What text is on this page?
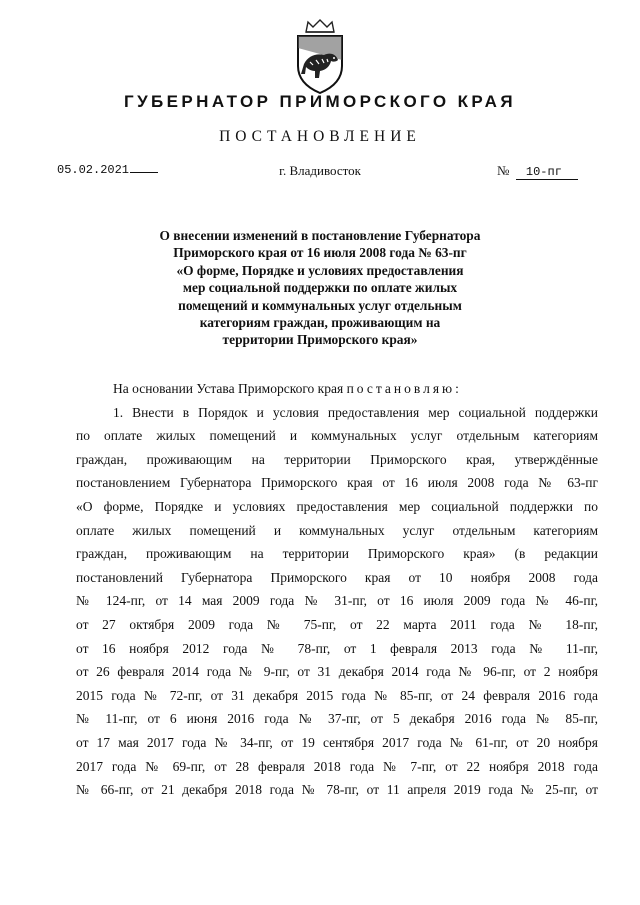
ГУБЕРНАТОР ПРИМОРСКОГО КРАЯ
ПОСТАНОВЛЕНИЕ
05.02.2021	г. Владивосток	№ 10-пг
О внесении изменений в постановление Губернатора
Приморского края от 16 июля 2008 года № 63-пг
«О форме, Порядке и условиях предоставления
мер социальной поддержки по оплате жилых
помещений и коммунальных услуг отдельным
категориям граждан, проживающим на
территории Приморского края»

На основании Устава Приморского края постановляю:

1. Внести в Порядок и условия предоставления мер социальной поддержки
по оплате жилых помещений и коммунальных услуг отдельным категориям
граждан, проживающим на территории Приморского края, утверждённые
постановлением Губернатора Приморского края от 16 июля 2008 года № 63-пг
«О форме, Порядке и условиях предоставления мер социальной поддержки по
оплате жилых помещений и коммунальных услуг отдельным категориям
граждан, проживающим на территории Приморского края» (в редакции
постановлений Губернатора Приморского края от 10 ноября 2008 года
№ 124-пг, от 14 мая 2009 года № 31-пг, от 16 июля 2009 года № 46-пг,
от 27 октября 2009 года № 75-пг, от 22 марта 2011 года № 18-пг,
от 16 ноября 2012 года № 78-пг, от 1 февраля 2013 года № 11-пг,
от 26 февраля 2014 года № 9-пг, от 31 декабря 2014 года № 96-пг, от 2 ноября
2015 года № 72-пг, от 31 декабря 2015 года № 85-пг, от 24 февраля 2016 года
№ 11-пг, от 6 июня 2016 года № 37-пг, от 5 декабря 2016 года № 85-пг,
от 17 мая 2017 года № 34-пг, от 19 сентября 2017 года № 61-пг, от 20 ноября
2017 года № 69-пг, от 28 февраля 2018 года № 7-пг, от 22 ноября 2018 года
№ 66-пг, от 21 декабря 2018 года № 78-пг, от 11 апреля 2019 года № 25-пг, от
